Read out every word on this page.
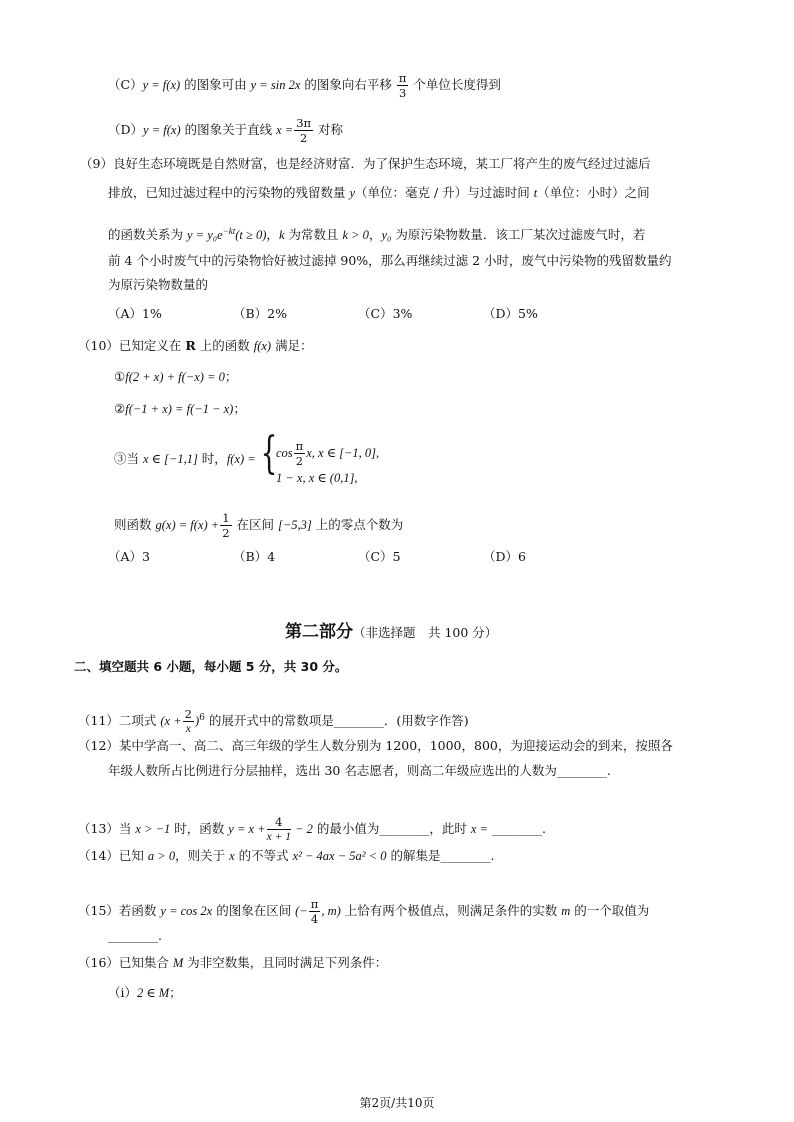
（C）y = f(x) 的图象可由 y = sin 2x 的图象向右平移 $\frac{\pi}{3}$ 个单位长度得到
（D）y = f(x) 的图象关于直线 $x = \frac{3\pi}{2}$ 对称
（9）良好生态环境既是自然财富，也是经济财富．为了保护生态环境，某工厂将产生的废气经过过滤后
排放，已知过滤过程中的污染物的残留数量 y（单位：毫克 / 升）与过滤时间 t（单位：小时）之间
的函数关系为 $y = y_0e^{-kt}(t \ge 0)$，k 为常数且 k > 0，y₀ 为原污染物数量．该工厂某次过滤废气时，若
前 4 个小时废气中的污染物恰好被过滤掉 90%，那么再继续过滤 2 小时，废气中污染物的残留数量约
为原污染物数量的
（A）1%	（B）2%	（C）3%	（D）5%
（10）已知定义在 R 上的函数 f(x) 满足：
①f(2 + x) + f(−x) = 0；
②f(−1 + x) = f(−1 − x)；
③当 x ∈ [−1,1] 时，f(x) = {
$\cos \frac{\pi}{2} x$, x ∈ [−1, 0],
1 − x, x ∈ (0,1],
则函数 $g(x) = f(x) + \frac{1}{2}$ 在区间 [−5,3] 上的零点个数为
（A）3	（B）4	（C）5	（D）6
第二部分（非选择题　共 100 分）
二、填空题共 6 小题，每小题 5 分，共 30 分。
（11）二项式 $(x + \frac{2}{x} )^6$ 的展开式中的常数项是________．(用数字作答)
（12）某中学高一、高二、高三年级的学生人数分别为 1200，1000，800，为迎接运动会的到来，按照各
年级人数所占比例进行分层抽样，选出 30 名志愿者，则高二年级应选出的人数为________.
（13）当 x > −1 时，函数 $y = x + \frac{4}{x + 1} - 2$ 的最小值为________，此时 x = ________.
（14）已知 a > 0，则关于 x 的不等式 x² − 4ax − 5a² < 0 的解集是________.
（15）若函数 y = cos 2x 的图象在区间 (− $\frac{\pi}{4}$ , m) 上恰有两个极值点，则满足条件的实数 m 的一个取值为
________.
（16）已知集合 M 为非空数集，且同时满足下列条件：
（ⅰ）2 ∈ M；
第2页/共10页
